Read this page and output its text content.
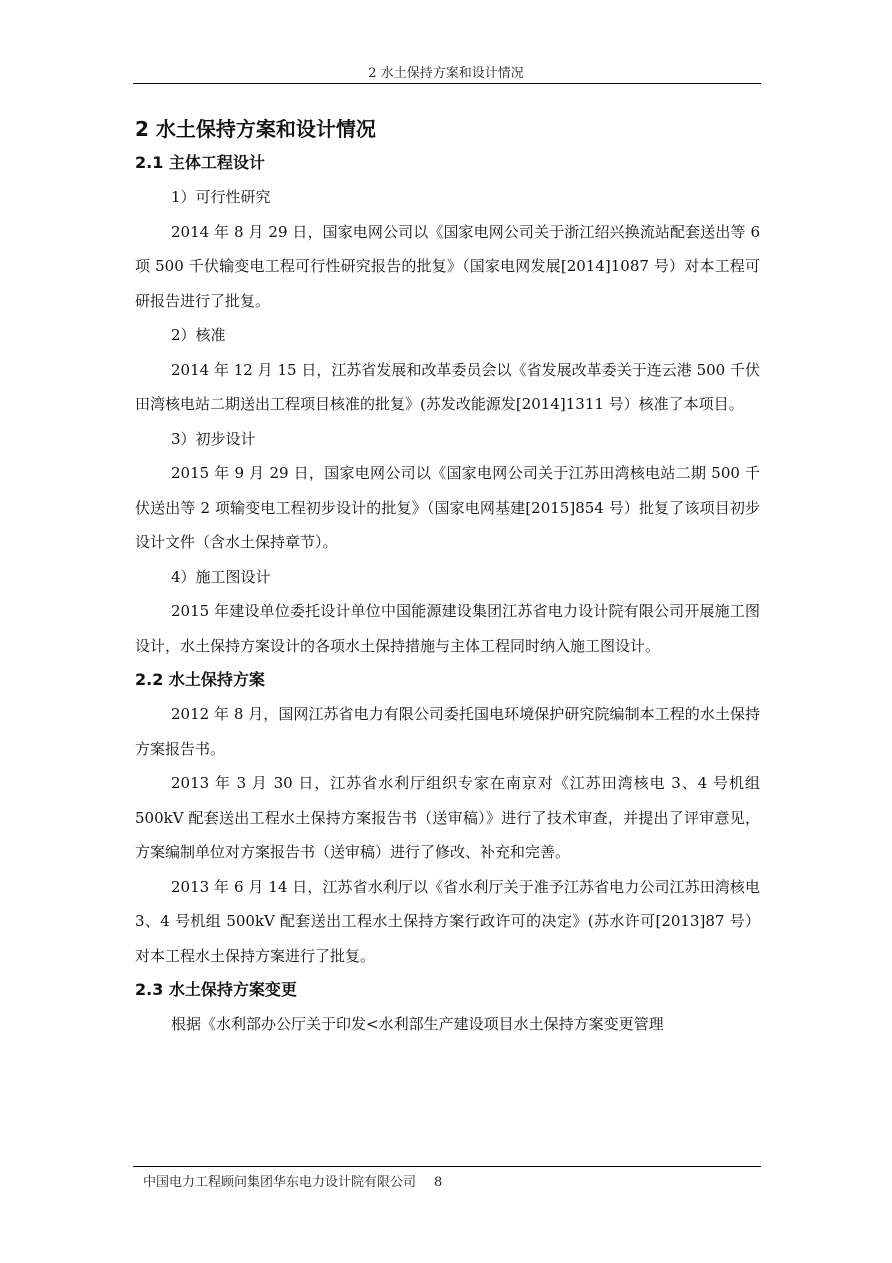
2 水土保持方案和设计情况
2 水土保持方案和设计情况
2.1 主体工程设计

1）可行性研究

2014 年 8 月 29 日，国家电网公司以《国家电网公司关于浙江绍兴换流站配套送出等 6 项 500 千伏输变电工程可行性研究报告的批复》（国家电网发展[2014]1087 号）对本工程可研报告进行了批复。

2）核准

2014 年 12 月 15 日，江苏省发展和改革委员会以《省发展改革委关于连云港 500 千伏田湾核电站二期送出工程项目核准的批复》(苏发改能源发[2014]1311 号）核准了本项目。

3）初步设计

2015 年 9 月 29 日，国家电网公司以《国家电网公司关于江苏田湾核电站二期 500 千伏送出等 2 项输变电工程初步设计的批复》（国家电网基建[2015]854 号）批复了该项目初步设计文件（含水土保持章节）。

4）施工图设计

2015 年建设单位委托设计单位中国能源建设集团江苏省电力设计院有限公司开展施工图设计，水土保持方案设计的各项水土保持措施与主体工程同时纳入施工图设计。

2.2 水土保持方案

2012 年 8 月，国网江苏省电力有限公司委托国电环境保护研究院编制本工程的水土保持方案报告书。

2013 年 3 月 30 日，江苏省水利厅组织专家在南京对《江苏田湾核电 3、4 号机组 500kV 配套送出工程水土保持方案报告书（送审稿）》进行了技术审查，并提出了评审意见，方案编制单位对方案报告书（送审稿）进行了修改、补充和完善。

2013 年 6 月 14 日，江苏省水利厅以《省水利厅关于准予江苏省电力公司江苏田湾核电 3、4 号机组 500kV 配套送出工程水土保持方案行政许可的决定》(苏水许可[2013]87 号）对本工程水土保持方案进行了批复。

2.3 水土保持方案变更

根据《水利部办公厅关于印发<水利部生产建设项目水土保持方案变更管理

中国电力工程顾问集团华东电力设计院有限公司 8
